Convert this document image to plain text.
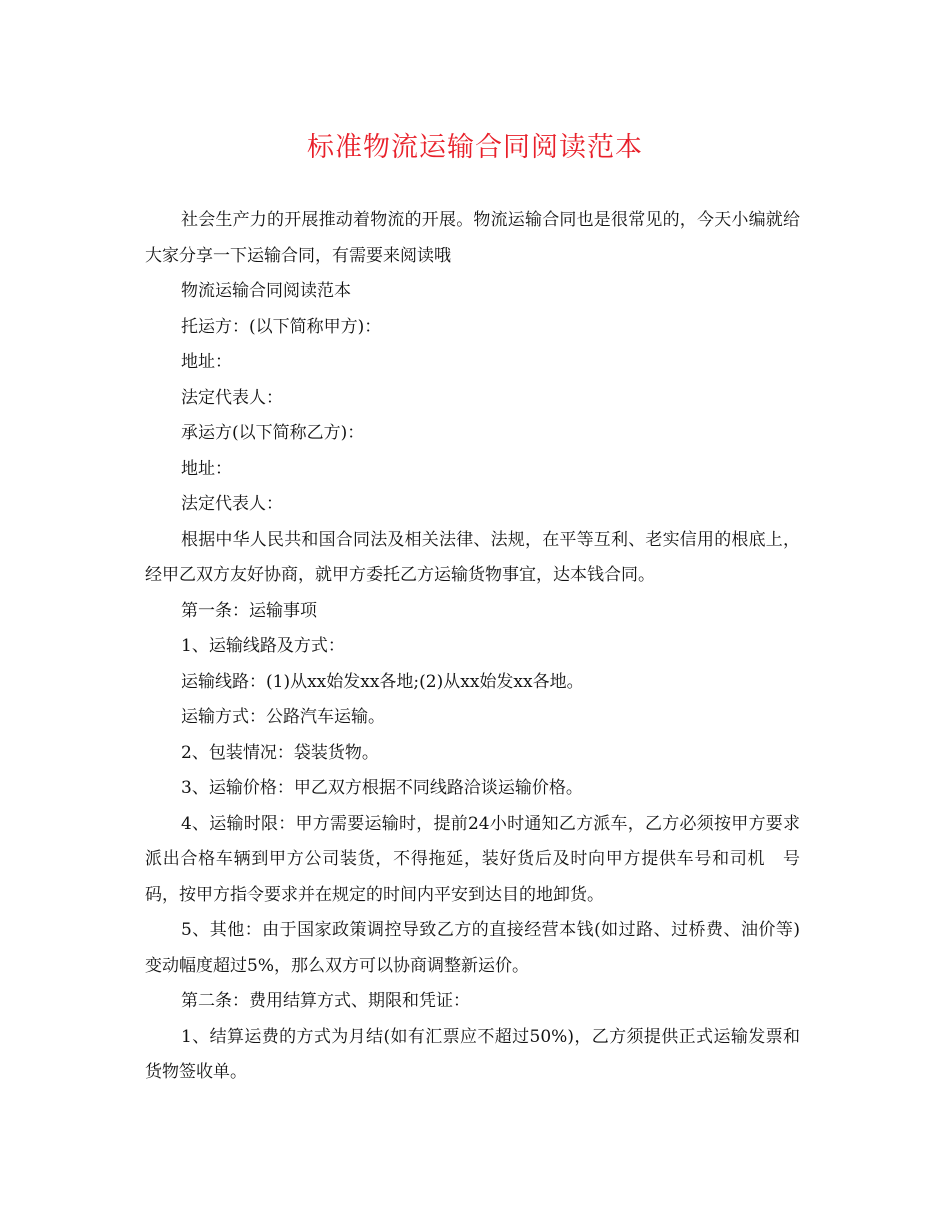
标准物流运输合同阅读范本

社会生产力的开展推动着物流的开展。物流运输合同也是很常见的，今天小编就给大家分享一下运输合同，有需要来阅读哦

物流运输合同阅读范本

托运方：(以下简称甲方)：

地址：

法定代表人：

承运方(以下简称乙方)：

地址：

法定代表人：

根据中华人民共和国合同法及相关法律、法规，在平等互利、老实信用的根底上，经甲乙双方友好协商，就甲方委托乙方运输货物事宜，达本钱合同。

第一条：运输事项

1、运输线路及方式：

运输线路：(1)从xx始发xx各地;(2)从xx始发xx各地。

运输方式：公路汽车运输。

2、包装情况：袋装货物。

3、运输价格：甲乙双方根据不同线路洽谈运输价格。

4、运输时限：甲方需要运输时，提前24小时通知乙方派车，乙方必须按甲方要求派出合格车辆到甲方公司装货，不得拖延，装好货后及时向甲方提供车号和司机　号码，按甲方指令要求并在规定的时间内平安到达目的地卸货。

5、其他：由于国家政策调控导致乙方的直接经营本钱(如过路、过桥费、油价等)变动幅度超过5%，那么双方可以协商调整新运价。

第二条：费用结算方式、期限和凭证：

1、结算运费的方式为月结(如有汇票应不超过50%)，乙方须提供正式运输发票和货物签收单。
